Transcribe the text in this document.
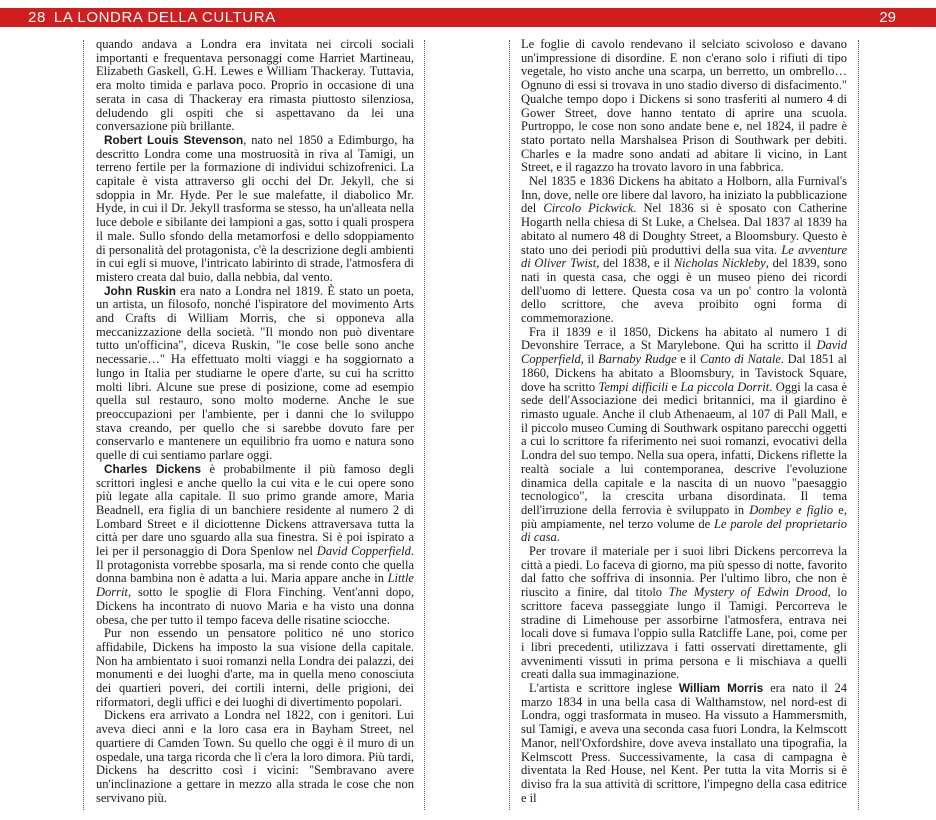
28 LA LONDRA DELLA CULTURA	29

quando andava a Londra era invitata nei circoli sociali importanti e frequentava personaggi come Harriet Martineau, Elizabeth Gaskell, G.H. Lewes e William Thackeray. Tuttavia, era molto timida e parlava poco. Proprio in occasione di una serata in casa di Thackeray era rimasta piuttosto silenziosa, deludendo gli ospiti che si aspettavano da lei una conversazione più brillante.

Robert Louis Stevenson, nato nel 1850 a Edimburgo, ha descritto Londra come una mostruosità in riva al Tamigi, un terreno fertile per la formazione di individui schizofrenici. La capitale è vista attraverso gli occhi del Dr. Jekyll, che si sdoppia in Mr. Hyde. Per le sue malefatte, il diabolico Mr. Hyde, in cui il Dr. Jekyll trasforma se stesso, ha un'alleata nella luce debole e sibilante dei lampioni a gas, sotto i quali prospera il male. Sullo sfondo della metamorfosi e dello sdoppiamento di personalità del protagonista, c'è la descrizione degli ambienti in cui egli si muove, l'intricato labirinto di strade, l'atmosfera di mistero creata dal buio, dalla nebbia, dal vento.

John Ruskin era nato a Londra nel 1819. È stato un poeta, un artista, un filosofo, nonché l'ispiratore del movimento Arts and Crafts di William Morris, che si opponeva alla meccanizzazione della società. "Il mondo non può diventare tutto un'officina", diceva Ruskin, "le cose belle sono anche necessarie…" Ha effettuato molti viaggi e ha soggiornato a lungo in Italia per studiarne le opere d'arte, su cui ha scritto molti libri. Alcune sue prese di posizione, come ad esempio quella sul restauro, sono molto moderne. Anche le sue preoccupazioni per l'ambiente, per i danni che lo sviluppo stava creando, per quello che si sarebbe dovuto fare per conservarlo e mantenere un equilibrio fra uomo e natura sono quelle di cui sentiamo parlare oggi.

Charles Dickens è probabilmente il più famoso degli scrittori inglesi e anche quello la cui vita e le cui opere sono più legate alla capitale. Il suo primo grande amore, Maria Beadnell, era figlia di un banchiere residente al numero 2 di Lombard Street e il diciottenne Dickens attraversava tutta la città per dare uno sguardo alla sua finestra. Si è poi ispirato a lei per il personaggio di Dora Spenlow nel David Copperfield. Il protagonista vorrebbe sposarla, ma si rende conto che quella donna bambina non è adatta a lui. Maria appare anche in Little Dorrit, sotto le spoglie di Flora Finching. Vent'anni dopo, Dickens ha incontrato di nuovo Maria e ha visto una donna obesa, che per tutto il tempo faceva delle risatine sciocche.

Pur non essendo un pensatore politico né uno storico affidabile, Dickens ha imposto la sua visione della capitale. Non ha ambientato i suoi romanzi nella Londra dei palazzi, dei monumenti e dei luoghi d'arte, ma in quella meno conosciuta dei quartieri poveri, dei cortili interni, delle prigioni, dei riformatori, degli uffici e dei luoghi di divertimento popolari.

Dickens era arrivato a Londra nel 1822, con i genitori. Lui aveva dieci anni e la loro casa era in Bayham Street, nel quartiere di Camden Town. Su quello che oggi è il muro di un ospedale, una targa ricorda che lì c'era la loro dimora. Più tardi, Dickens ha descritto così i vicini: "Sembravano avere un'inclinazione a gettare in mezzo alla strada le cose che non servivano più.

Le foglie di cavolo rendevano il selciato scivoloso e davano un'impressione di disordine. E non c'erano solo i rifiuti di tipo vegetale, ho visto anche una scarpa, un berretto, un ombrello… Ognuno di essi si trovava in uno stadio diverso di disfacimento." Qualche tempo dopo i Dickens si sono trasferiti al numero 4 di Gower Street, dove hanno tentato di aprire una scuola. Purtroppo, le cose non sono andate bene e, nel 1824, il padre è stato portato nella Marshalsea Prison di Southwark per debiti. Charles e la madre sono andati ad abitare lì vicino, in Lant Street, e il ragazzo ha trovato lavoro in una fabbrica.

Nel 1835 e 1836 Dickens ha abitato a Holborn, alla Furnival's Inn, dove, nelle ore libere dal lavoro, ha iniziato la pubblicazione del Circolo Pickwick. Nel 1836 si è sposato con Catherine Hogarth nella chiesa di St Luke, a Chelsea. Dal 1837 al 1839 ha abitato al numero 48 di Doughty Street, a Bloomsbury. Questo è stato uno dei periodi più produttivi della sua vita. Le avventure di Oliver Twist, del 1838, e il Nicholas Nickleby, del 1839, sono nati in questa casa, che oggi è un museo pieno dei ricordi dell'uomo di lettere. Questa cosa va un po' contro la volontà dello scrittore, che aveva proibito ogni forma di commemorazione.

Fra il 1839 e il 1850, Dickens ha abitato al numero 1 di Devonshire Terrace, a St Marylebone. Qui ha scritto il David Copperfield, il Barnaby Rudge e il Canto di Natale. Dal 1851 al 1860, Dickens ha abitato a Bloomsbury, in Tavistock Square, dove ha scritto Tempi difficili e La piccola Dorrit. Oggi la casa è sede dell'Associazione dei medici britannici, ma il giardino è rimasto uguale. Anche il club Athenaeum, al 107 di Pall Mall, e il piccolo museo Cuming di Southwark ospitano parecchi oggetti a cui lo scrittore fa riferimento nei suoi romanzi, evocativi della Londra del suo tempo. Nella sua opera, infatti, Dickens riflette la realtà sociale a lui contemporanea, descrive l'evoluzione dinamica della capitale e la nascita di un nuovo "paesaggio tecnologico", la crescita urbana disordinata. Il tema dell'irruzione della ferrovia è sviluppato in Dombey e figlio e, più ampiamente, nel terzo volume de Le parole del proprietario di casa.

Per trovare il materiale per i suoi libri Dickens percorreva la città a piedi. Lo faceva di giorno, ma più spesso di notte, favorito dal fatto che soffriva di insonnia. Per l'ultimo libro, che non è riuscito a finire, dal titolo The Mystery of Edwin Drood, lo scrittore faceva passeggiate lungo il Tamigi. Percorreva le stradine di Limehouse per assorbirne l'atmosfera, entrava nei locali dove si fumava l'oppio sulla Ratcliffe Lane, poi, come per i libri precedenti, utilizzava i fatti osservati direttamente, gli avvenimenti vissuti in prima persona e li mischiava a quelli creati dalla sua immaginazione.

L'artista e scrittore inglese William Morris era nato il 24 marzo 1834 in una bella casa di Walthamstow, nel nord-est di Londra, oggi trasformata in museo. Ha vissuto a Hammersmith, sul Tamigi, e aveva una seconda casa fuori Londra, la Kelmscott Manor, nell'Oxfordshire, dove aveva installato una tipografia, la Kelmscott Press. Successivamente, la casa di campagna è diventata la Red House, nel Kent. Per tutta la vita Morris si è diviso fra la sua attività di scrittore, l'impegno della casa editrice e il
